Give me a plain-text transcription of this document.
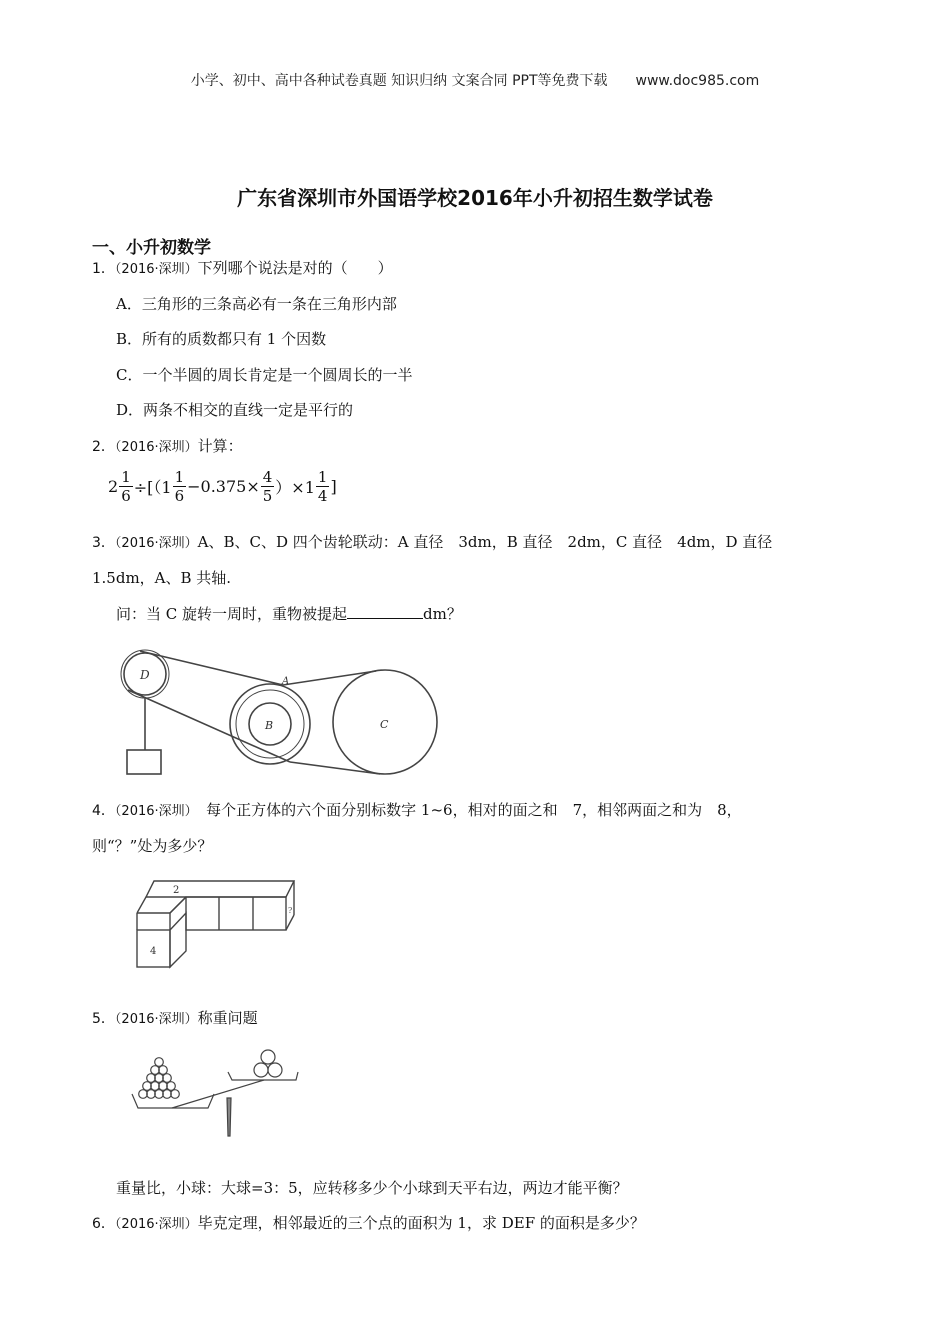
小学、初中、高中各种试卷真题 知识归纳 文案合同 PPT等免费下载 www.doc985.com
广东省深圳市外国语学校2016年小升初招生数学试卷
一、小升初数学
1．（2016·深圳）下列哪个说法是对的（　　）
A．三角形的三条高必有一条在三角形内部
B．所有的质数都只有 1 个因数
C．一个半圆的周长肯定是一个圆周长的一半
D．两条不相交的直线一定是平行的
2．（2016·深圳）计算：
$2 \frac{1}{6} \div[(1 \frac{1}{6} -0.375\times \frac{4}{5} )\times 1 \frac{1}{4}$ ]
3．（2016·深圳）A、B、C、D 四个齿轮联动：A 直径　3dm，B 直径　2dm，C 直径　4dm，D 直径
1.5dm，A、B 共轴.
问：当 C 旋转一周时，重物被提起	dm？
D	A
B	C
4．（2016·深圳）　每个正方体的六个面分别标数字 1~6，相对的面之和　7，相邻两面之和为　8，
则“？”处为多少？
2
4
?
5．（2016·深圳）称重问题
重量比，小球：大球=3：5，应转移多少个小球到天平右边，两边才能平衡？
6．（2016·深圳）毕克定理，相邻最近的三个点的面积为 1，求 DEF 的面积是多少？
